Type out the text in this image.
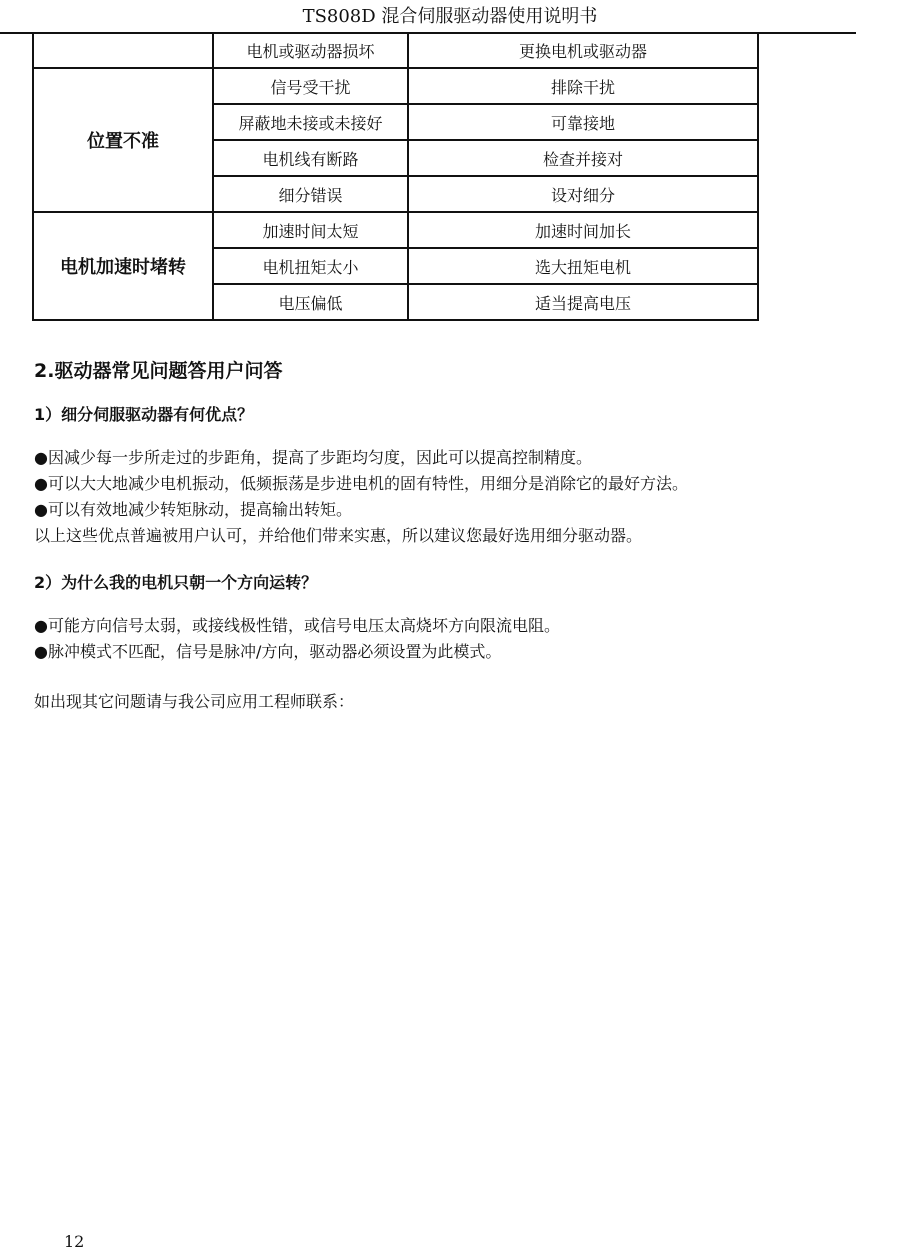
TS808D 混合伺服驱动器使用说明书
	电机或驱动器损坏	更换电机或驱动器
位置不准	信号受干扰	排除干扰
	屏蔽地未接或未接好	可靠接地
	电机线有断路	检查并接对
	细分错误	设对细分
电机加速时堵转	加速时间太短	加速时间加长
	电机扭矩太小	选大扭矩电机
	电压偏低	适当提高电压
2.驱动器常见问题答用户问答
1）细分伺服驱动器有何优点？
●因减少每一步所走过的步距角，提高了步距均匀度，因此可以提高控制精度。
●可以大大地减少电机振动，低频振荡是步进电机的固有特性，用细分是消除它的最好方法。
●可以有效地减少转矩脉动，提高输出转矩。
以上这些优点普遍被用户认可，并给他们带来实惠，所以建议您最好选用细分驱动器。
2）为什么我的电机只朝一个方向运转？
●可能方向信号太弱，或接线极性错，或信号电压太高烧坏方向限流电阻。
●脉冲模式不匹配，信号是脉冲/方向，驱动器必须设置为此模式。
如出现其它问题请与我公司应用工程师联系：
12
